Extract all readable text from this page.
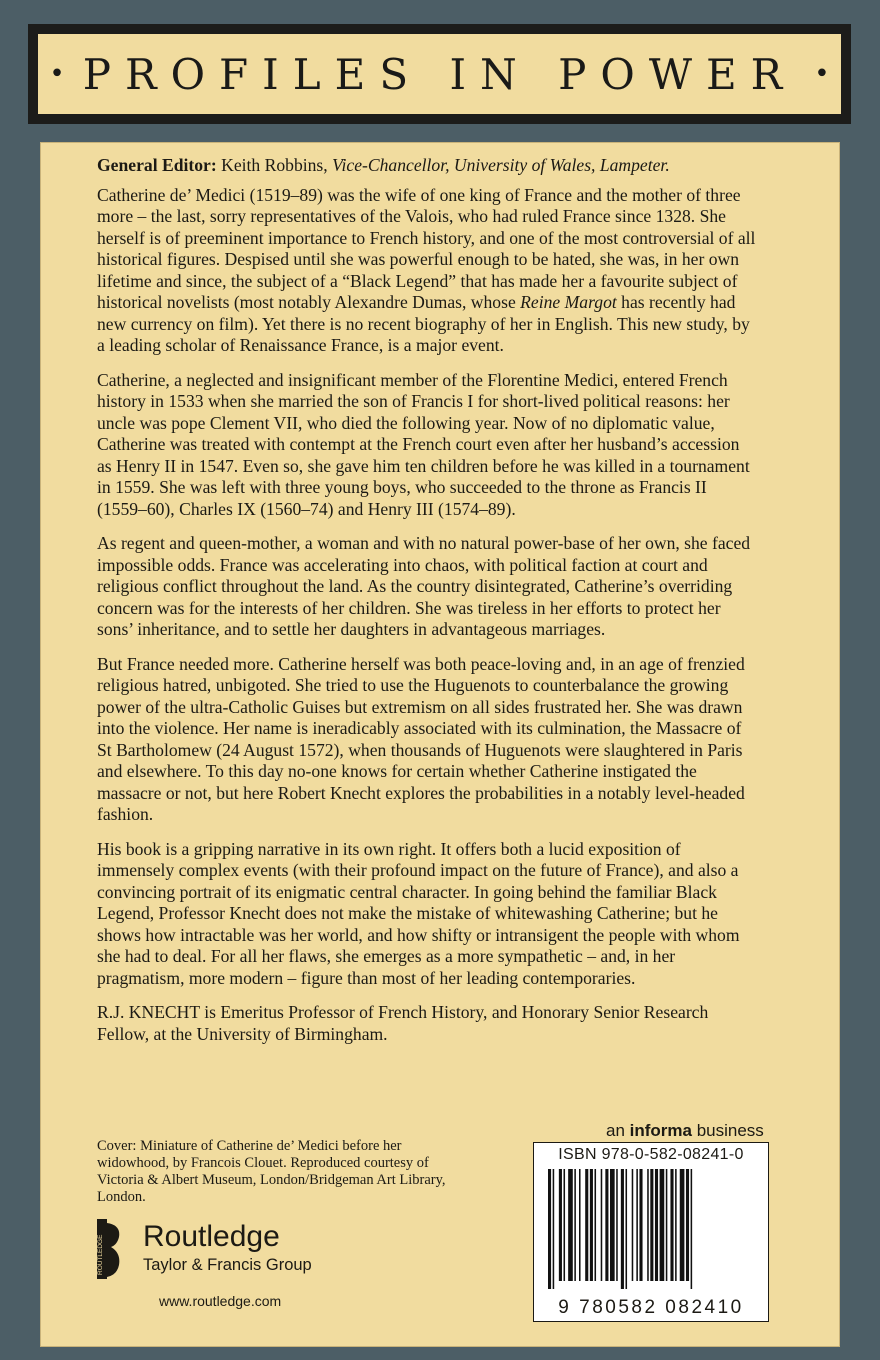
• PROFILES IN POWER •
General Editor: Keith Robbins, Vice-Chancellor, University of Wales, Lampeter.

Catherine de’ Medici (1519–89) was the wife of one king of France and the mother of three more – the last, sorry representatives of the Valois, who had ruled France since 1328. She herself is of preeminent importance to French history, and one of the most controversial of all historical figures. Despised until she was powerful enough to be hated, she was, in her own lifetime and since, the subject of a “Black Legend” that has made her a favourite subject of historical novelists (most notably Alexandre Dumas, whose Reine Margot has recently had new currency on film). Yet there is no recent biography of her in English. This new study, by a leading scholar of Renaissance France, is a major event.

Catherine, a neglected and insignificant member of the Florentine Medici, entered French history in 1533 when she married the son of Francis I for short-lived political reasons: her uncle was pope Clement VII, who died the following year. Now of no diplomatic value, Catherine was treated with contempt at the French court even after her husband’s accession as Henry II in 1547. Even so, she gave him ten children before he was killed in a tournament in 1559. She was left with three young boys, who succeeded to the throne as Francis II (1559–60), Charles IX (1560–74) and Henry III (1574–89).

As regent and queen-mother, a woman and with no natural power-base of her own, she faced impossible odds. France was accelerating into chaos, with political faction at court and religious conflict throughout the land. As the country disintegrated, Catherine’s overriding concern was for the interests of her children. She was tireless in her efforts to protect her sons’ inheritance, and to settle her daughters in advantageous marriages.

But France needed more. Catherine herself was both peace-loving and, in an age of frenzied religious hatred, unbigoted. She tried to use the Huguenots to counterbalance the growing power of the ultra-Catholic Guises but extremism on all sides frustrated her. She was drawn into the violence. Her name is ineradicably associated with its culmination, the Massacre of St Bartholomew (24 August 1572), when thousands of Huguenots were slaughtered in Paris and elsewhere. To this day no-one knows for certain whether Catherine instigated the massacre or not, but here Robert Knecht explores the probabilities in a notably level-headed fashion.

His book is a gripping narrative in its own right. It offers both a lucid exposition of immensely complex events (with their profound impact on the future of France), and also a convincing portrait of its enigmatic central character. In going behind the familiar Black Legend, Professor Knecht does not make the mistake of whitewashing Catherine; but he shows how intractable was her world, and how shifty or intransigent the people with whom she had to deal. For all her flaws, she emerges as a more sympathetic – and, in her pragmatism, more modern – figure than most of her leading contemporaries.

R.J. KNECHT is Emeritus Professor of French History, and Honorary Senior Research Fellow, at the University of Birmingham.

Cover: Miniature of Catherine de’ Medici before her widowhood, by Francois Clouet. Reproduced courtesy of Victoria & Albert Museum, London/Bridgeman Art Library, London.
ROUTLEDGE Routledge
Taylor & Francis Group
www.routledge.com
an informa business
ISBN 978-0-582-08241-0
9 780582 082410
